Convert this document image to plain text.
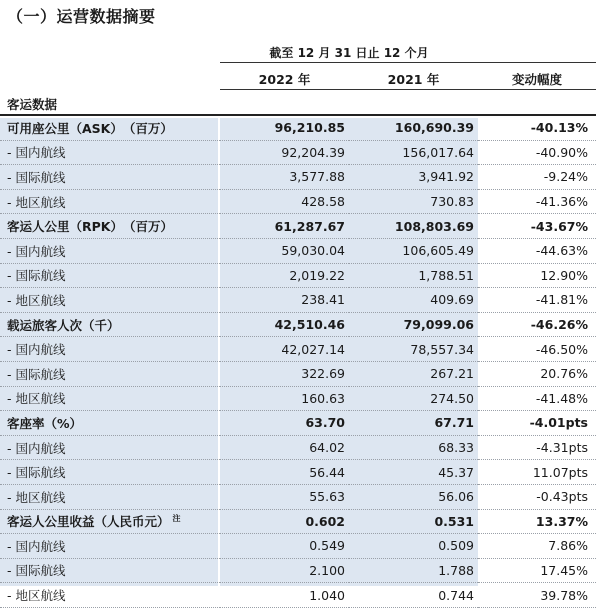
（一）运营数据摘要
截至 12 月 31 日止 12 个月
2022 年	2021 年	变动幅度
客运数据
可用座公里（ASK）　（百万）	96,210.85	160,690.39	-40.13%
- 国内航线	92,204.39	156,017.64	-40.90%
- 国际航线	3,577.88	3,941.92	-9.24%
- 地区航线	428.58	730.83	-41.36%
客运人公里（RPK）　（百万）	61,287.67	108,803.69	-43.67%
- 国内航线	59,030.04	106,605.49	-44.63%
- 国际航线	2,019.22	1,788.51	12.90%
- 地区航线	238.41	409.69	-41.81%
载运旅客人次（千）	42,510.46	79,099.06	-46.26%
- 国内航线	42,027.14	78,557.34	-46.50%
- 国际航线	322.69	267.21	20.76%
- 地区航线	160.63	274.50	-41.48%
客座率（%）	63.70	67.71	-4.01pts
- 国内航线	64.02	68.33	-4.31pts
- 国际航线	56.44	45.37	11.07pts
- 地区航线	55.63	56.06	-0.43pts
客运人公里收益（人民币元） $^注$	0.602	0.531	13.37%
- 国内航线	0.549	0.509	7.86%
- 国际航线	2.100	1.788	17.45%
- 地区航线	1.040	0.744	39.78%
